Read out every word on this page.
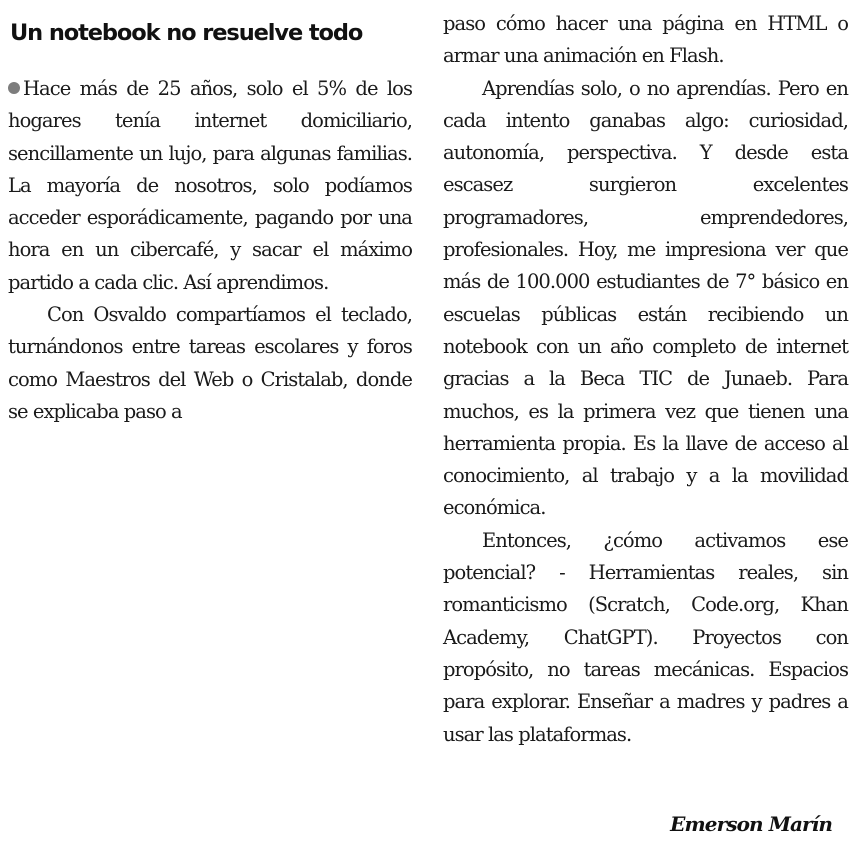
Un notebook no resuelve todo

Hace más de 25 años, solo el 5% de los hogares tenía internet domiciliario, sencillamente un lujo, para algunas familias. La mayoría de nosotros, solo podíamos acceder esporádicamente, pagando por una hora en un cibercafé, y sacar el máximo partido a cada clic. Así aprendimos.

Con Osvaldo compartíamos el teclado, turnándonos entre tareas escolares y foros como Maestros del Web o Cristalab, donde se explicaba paso a

paso cómo hacer una página en HTML o armar una animación en Flash.

Aprendías solo, o no aprendías. Pero en cada intento ganabas algo: curiosidad, autonomía, perspectiva. Y desde esta escasez surgieron excelentes programadores, emprendedores, profesionales. Hoy, me impresiona ver que más de 100.000 estudiantes de 7° básico en escuelas públicas están recibiendo un notebook con un año completo de internet gracias a la Beca TIC de Junaeb. Para muchos, es la primera vez que tienen una herramienta propia. Es la llave de acceso al conocimiento, al trabajo y a la movilidad económica.

Entonces, ¿cómo activamos ese potencial? - Herramientas reales, sin romanticismo (Scratch, Code.org, Khan Academy, ChatGPT). Proyectos con propósito, no tareas mecánicas. Espacios para explorar. Enseñar a madres y padres a usar las plataformas.

Emerson Marín
